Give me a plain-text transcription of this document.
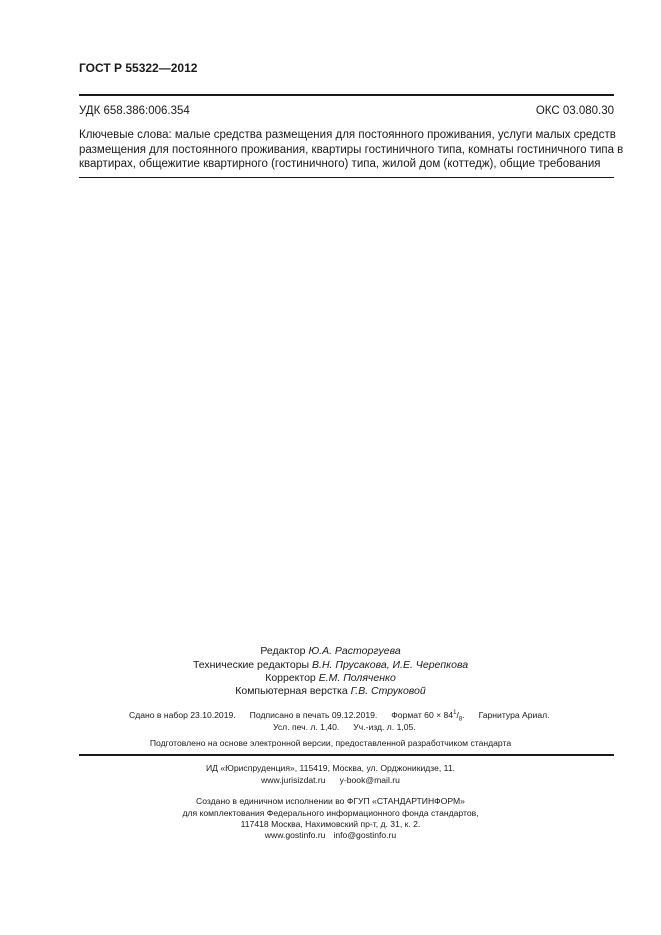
ГОСТ Р 55322—2012
УДК 658.386:006.354	ОКС 03.080.30
Ключевые слова: малые средства размещения для постоянного проживания, услуги малых средств
размещения для постоянного проживания, квартиры гостиничного типа, комнаты гостиничного типа в
квартирах, общежитие квартирного (гостиничного) типа, жилой дом (коттедж), общие требования
Редактор Ю.А. Расторгуева
Технические редакторы В.Н. Прусакова, И.Е. Черепкова
Корректор Е.М. Поляченко
Компьютерная верстка Г.В. Струковой
Сдано в набор 23.10.2019. Подписано в печать 09.12.2019. Формат $60 \times 84^1/_8$. Гарнитура Ариал.
Усл. печ. л. 1,40. Уч.-изд. л. 1,05.
Подготовлено на основе электронной версии, предоставленной разработчиком стандарта
ИД «Юриспруденция», 115419, Москва, ул. Орджоникидзе, 11.
www.jurisizdat.ru y-book@mail.ru
Создано в единичном исполнении во ФГУП «СТАНДАРТИНФОРМ»
для комплектования Федерального информационного фонда стандартов,
117418 Москва, Нахимовский пр-т, д. 31, к. 2.
www.gostinfo.ru info@gostinfo.ru
